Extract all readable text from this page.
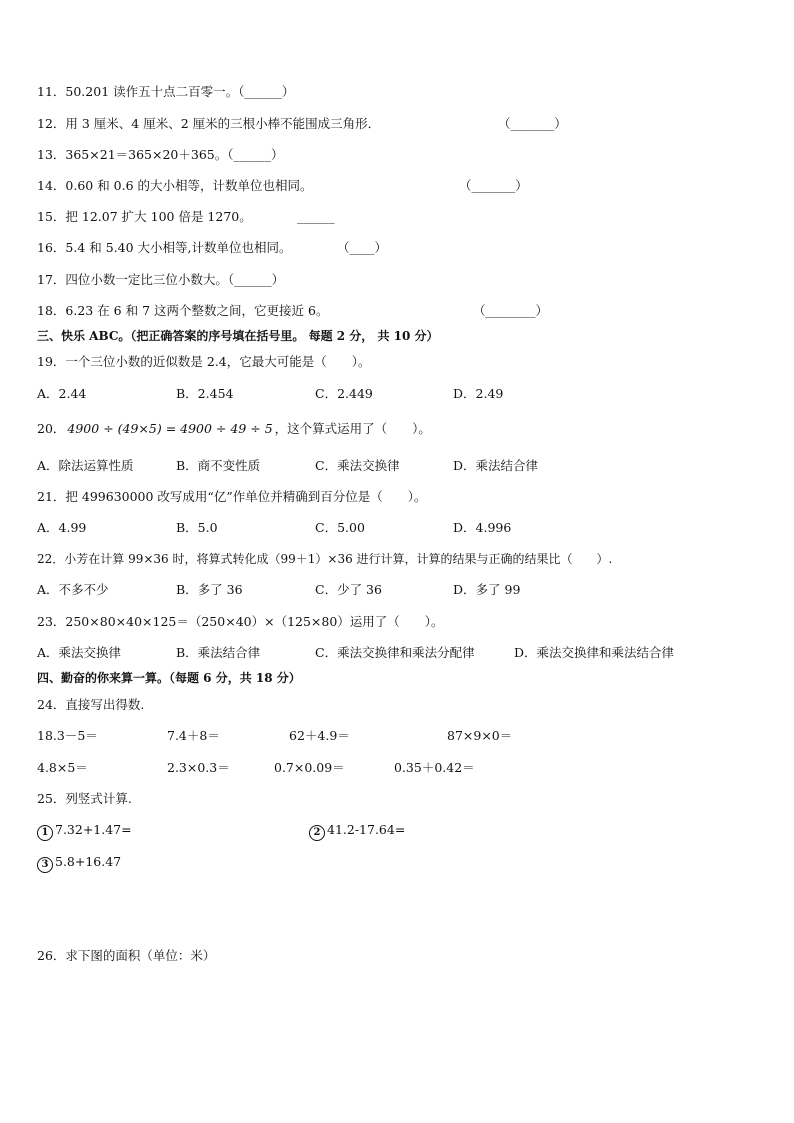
11．50.201 读作五十点二百零一。（______）
12．用 3 厘米、4 厘米、2 厘米的三根小棒不能围成三角形．	（_______）
13．365×21＝365×20＋365。（______）
14．0.60 和 0.6 的大小相等，计数单位也相同。	（_______）
15．把 12.07 扩大 100 倍是 1270。	______
16．5.4 和 5.40 大小相等,计数单位也相同。	（____）
17．四位小数一定比三位小数大。（______）
18．6.23 在 6 和 7 这两个整数之间，它更接近 6。	（________）
三、快乐 ABC。（把正确答案的序号填在括号里。 每题 2 分， 共 10 分）
19．一个三位小数的近似数是 2.4，它最大可能是（　　）。
A．2.44	B．2.454	C．2.449	D．2.49
20． 4900 ÷ (49×5) = 4900 ÷ 49 ÷ 5 ，这个算式运用了（　　）。
A．除法运算性质	B．商不变性质	C．乘法交换律	D．乘法结合律
21．把 499630000 改写成用“亿”作单位并精确到百分位是（　　）。
A．4.99	B．5.0	C．5.00	D．4.996
22．小芳在计算 99×36 时，将算式转化成（99＋1）×36 进行计算，计算的结果与正确的结果比（　　）.
A．不多不少	B．多了 36	C．少了 36	D．多了 99
23．250×80×40×125＝（250×40）×（125×80）运用了（　　）。
A．乘法交换律	B．乘法结合律	C．乘法交换律和乘法分配律	D．乘法交换律和乘法结合律
四、勤奋的你来算一算。（每题 6 分，共 18 分）
24．直接写出得数.
18.3－5＝	7.4＋8＝	62＋4.9＝	87×9×0＝
4.8×5＝	2.3×0.3＝	0.7×0.09＝	0.35＋0.42＝
25．列竖式计算.
1 7.32+1.47=	2 41.2-17.64=
3 5.8+16.47
26．求下图的面积（单位：米）
